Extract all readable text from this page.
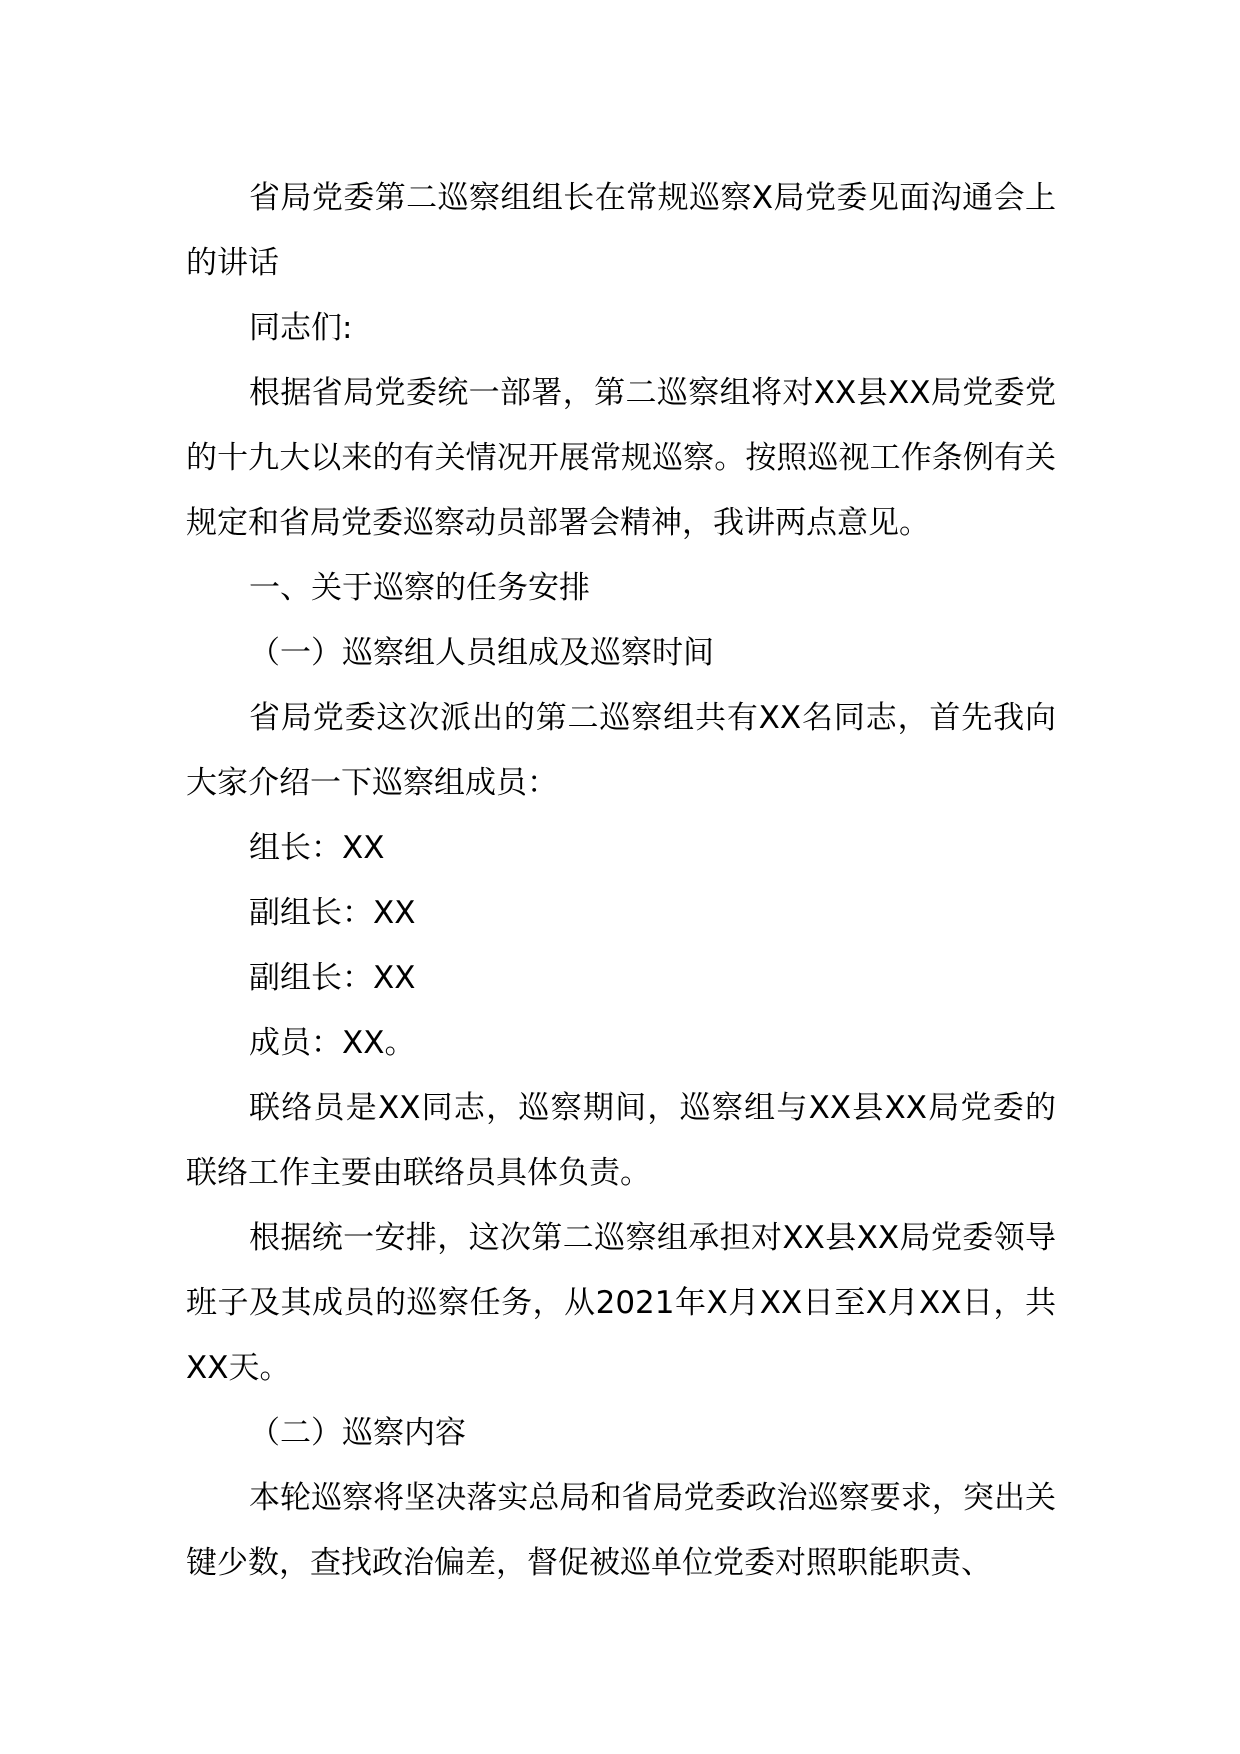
省局党委第二巡察组组长在常规巡察X局党委见面沟通会上的讲话

同志们:

根据省局党委统一部署，第二巡察组将对XX县XX局党委党的十九大以来的有关情况开展常规巡察。按照巡视工作条例有关规定和省局党委巡察动员部署会精神，我讲两点意见。

一、关于巡察的任务安排

（一）巡察组人员组成及巡察时间

省局党委这次派出的第二巡察组共有XX名同志，首先我向大家介绍一下巡察组成员：

组长：XX

副组长：XX

副组长：XX

成员：XX。

联络员是XX同志，巡察期间，巡察组与XX县XX局党委的联络工作主要由联络员具体负责。

根据统一安排，这次第二巡察组承担对XX县XX局党委领导班子及其成员的巡察任务，从2021年X月XX日至X月XX日，共XX天。

（二）巡察内容

本轮巡察将坚决落实总局和省局党委政治巡察要求，突出关键少数，查找政治偏差，督促被巡单位党委对照职能职责、
